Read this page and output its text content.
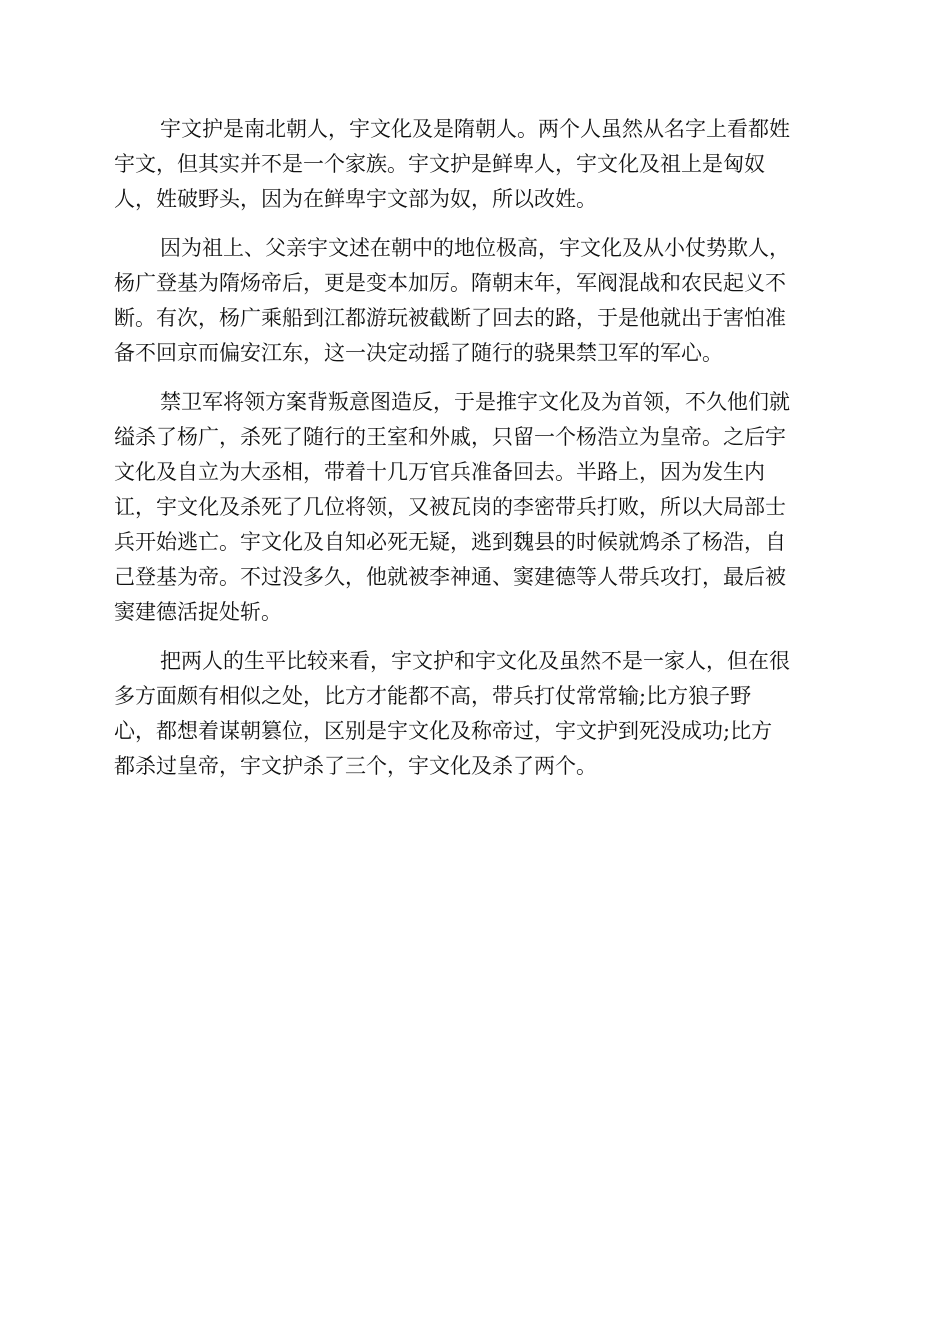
宇文护是南北朝人，宇文化及是隋朝人。两个人虽然从名字上看都姓
宇文，但其实并不是一个家族。宇文护是鲜卑人，宇文化及祖上是匈奴
人，姓破野头，因为在鲜卑宇文部为奴，所以改姓。

因为祖上、父亲宇文述在朝中的地位极高，宇文化及从小仗势欺人，
杨广登基为隋炀帝后，更是变本加厉。隋朝末年，军阀混战和农民起义不
断。有次，杨广乘船到江都游玩被截断了回去的路，于是他就出于害怕准
备不回京而偏安江东，这一决定动摇了随行的骁果禁卫军的军心。

禁卫军将领方案背叛意图造反，于是推宇文化及为首领，不久他们就
缢杀了杨广，杀死了随行的王室和外戚，只留一个杨浩立为皇帝。之后宇
文化及自立为大丞相，带着十几万官兵准备回去。半路上，因为发生内
讧，宇文化及杀死了几位将领，又被瓦岗的李密带兵打败，所以大局部士
兵开始逃亡。宇文化及自知必死无疑，逃到魏县的时候就鸩杀了杨浩，自
己登基为帝。不过没多久，他就被李神通、窦建德等人带兵攻打，最后被
窦建德活捉处斩。

把两人的生平比较来看，宇文护和宇文化及虽然不是一家人，但在很
多方面颇有相似之处，比方才能都不高，带兵打仗常常输;比方狼子野
心，都想着谋朝篡位，区别是宇文化及称帝过，宇文护到死没成功;比方
都杀过皇帝，宇文护杀了三个，宇文化及杀了两个。
